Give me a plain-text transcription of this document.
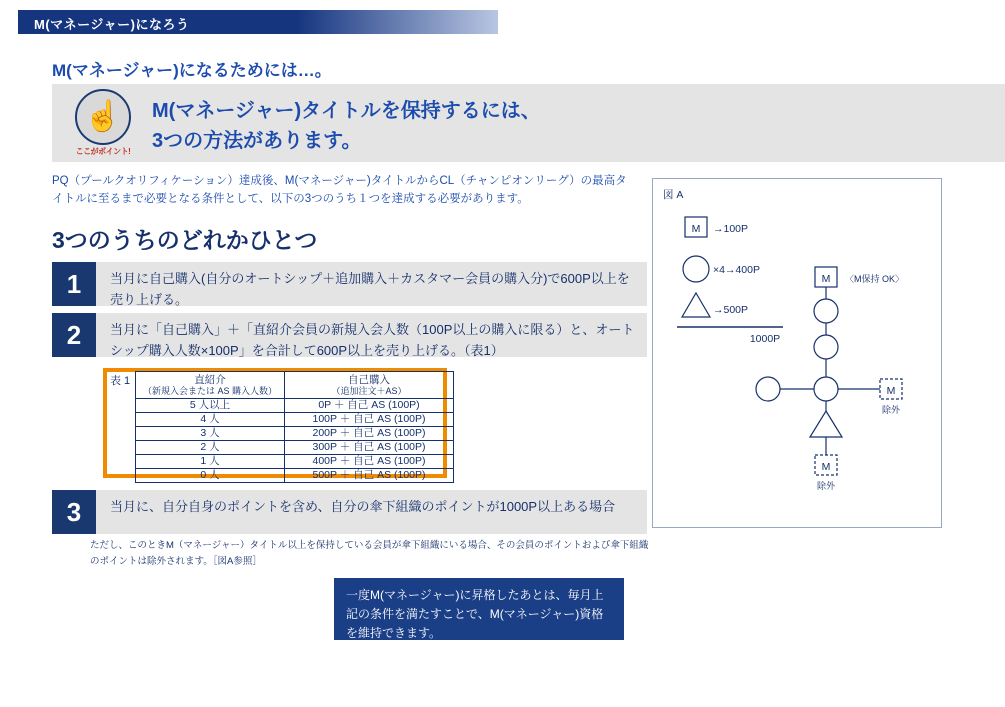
M(マネージャー)になろう
M(マネージャー)になるためには…。
☝
ここがポイント!
M(マネージャー)タイトルを保持するには、
3つの方法があります。
PQ（プールクオリフィケーション）達成後、M(マネージャー)タイトルからCL（チャンピオンリーグ）の最高タイトルに至るまで必要となる条件として、以下の3つのうち１つを達成する必要があります。
3つのうちのどれかひとつ
1	当月に自己購入(自分のオートシップ＋追加購入＋カスタマー会員の購入分)で600P以上を売り上げる。
2	当月に「自己購入」＋「直紹介会員の新規入会人数（100P以上の購入に限る）と、オートシップ購入人数×100P」を合計して600P以上を売り上げる。（表1）
表 1	直紹介
（新規入会または AS 購入人数）	自己購入
（追加注文＋AS）

5 人以上	0P ＋ 自己 AS (100P)
4 人	100P ＋ 自己 AS (100P)
3 人	200P ＋ 自己 AS (100P)
2 人	300P ＋ 自己 AS (100P)
1 人	400P ＋ 自己 AS (100P)
0 人	500P ＋ 自己 AS (100P)
3	当月に、自分自身のポイントを含め、自分の傘下組織のポイントが1000P以上ある場合
ただし、このときM（マネージャー）タイトル以上を保持している会員が傘下組織にいる場合、その会員のポイントおよび傘下組織のポイントは除外されます。［図A参照］
一度M(マネージャー)に昇格したあとは、毎月上記の条件を満たすことで、M(マネージャー)資格を維持できます。
図 A
M →100P
×4→400P
→500P
1000P
M 〈M保持 OK〉
M
除外
M
除外
